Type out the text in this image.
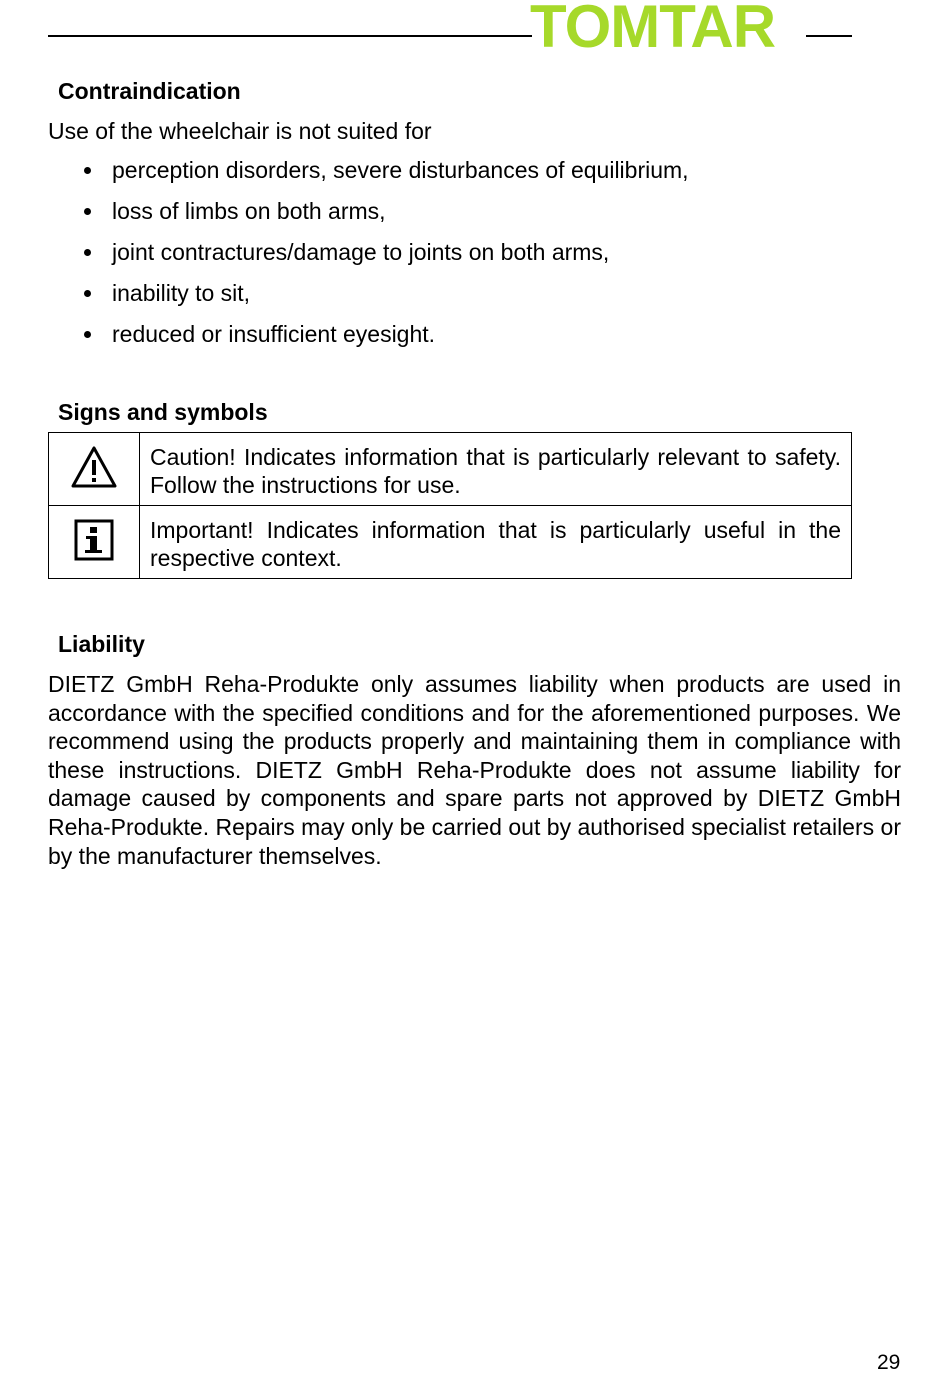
TOMTAR
Contraindication
Use of the wheelchair is not suited for
perception disorders, severe disturbances of equilibrium,
loss of limbs on both arms,
joint contractures/damage to joints on both arms,
inability to sit,
reduced or insufficient eyesight.
Signs and symbols
	Caution! Indicates information that is particularly relevant to safety. Follow the instructions for use.
	Important! Indicates information that is particularly useful in the respective context.
Liability

DIETZ GmbH Reha-Produkte only assumes liability when products are used in accordance with the specified conditions and for the aforementioned purposes. We recommend using the products properly and maintaining them in compliance with these instructions. DIETZ GmbH Reha-Produkte does not assume liability for damage caused by components and spare parts not approved by DIETZ GmbH Reha-Produkte. Repairs may only be carried out by authorised specialist retailers or by the manufacturer themselves.

29
